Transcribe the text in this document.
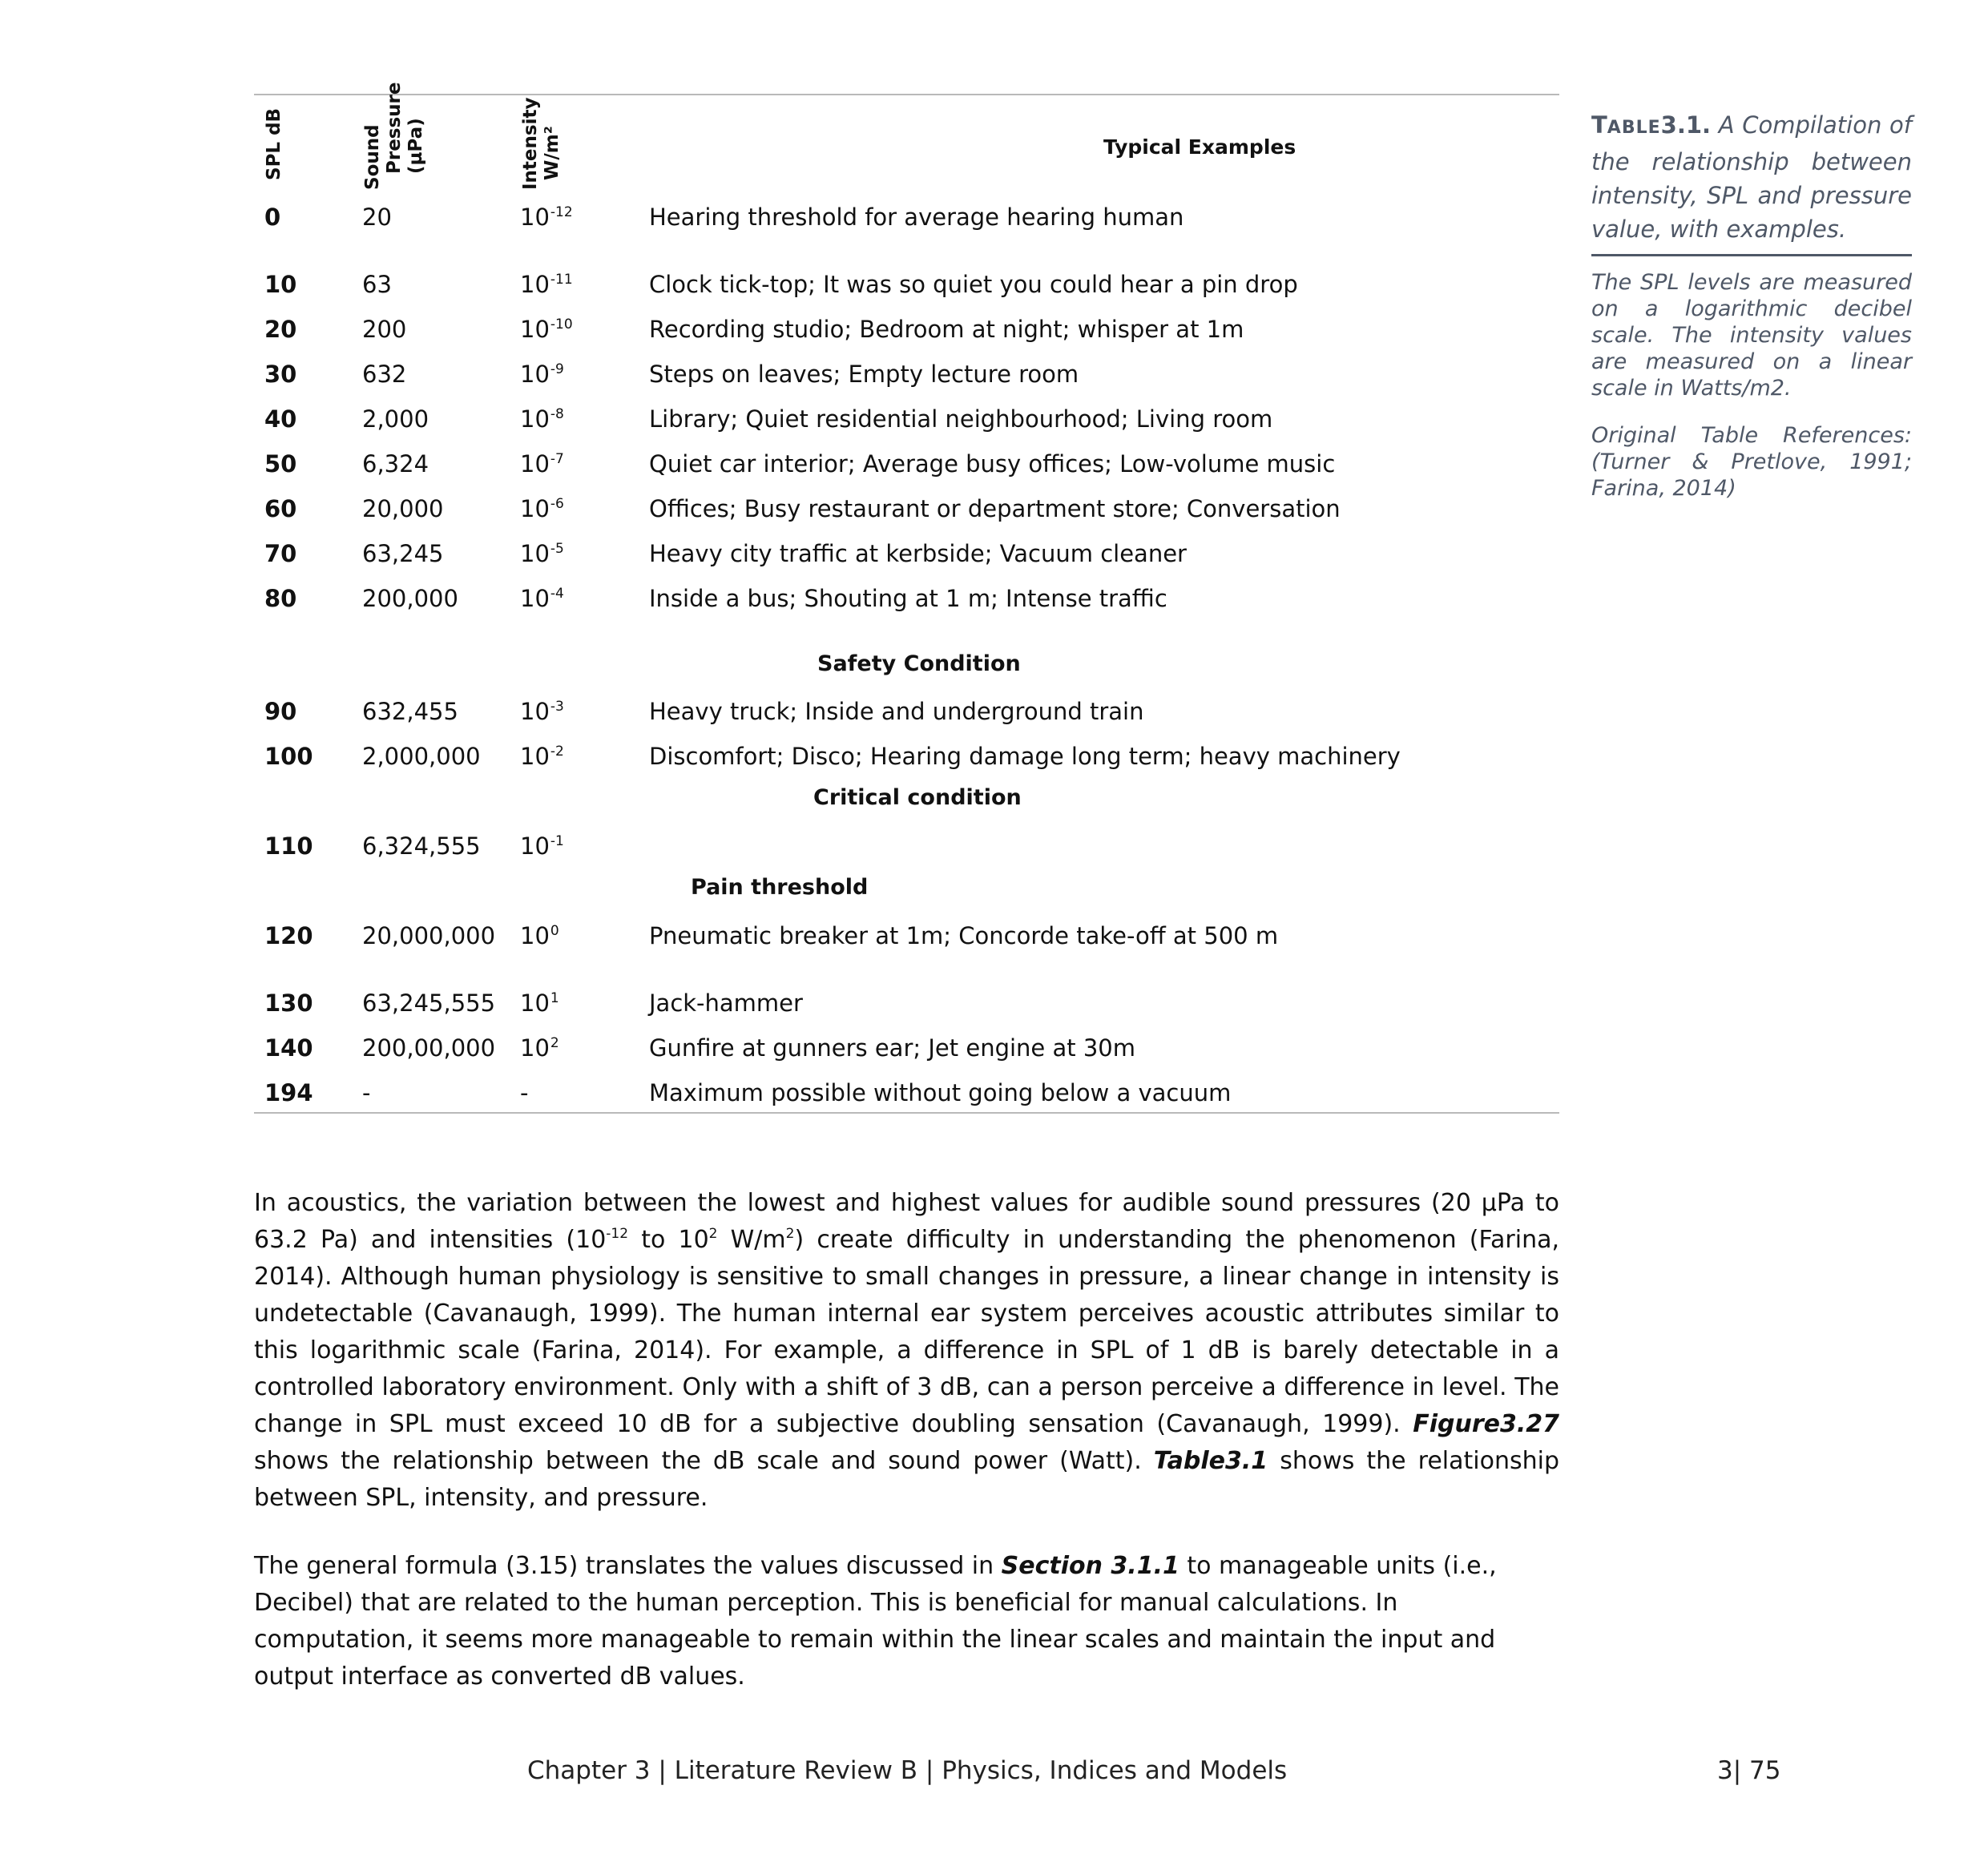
SPL dB	Sound Pressure (µPa)	Intensity W/m²	Typical Examples
0	20	$10^{-12}$	Hearing threshold for average hearing human
10	63	$10^{-11}$	Clock tick-top; It was so quiet you could hear a pin drop
20	200	$10^{-10}$	Recording studio; Bedroom at night; whisper at 1m
30	632	$10^{-9}$	Steps on leaves; Empty lecture room
40	2,000	$10^{-8}$	Library; Quiet residential neighbourhood; Living room
50	6,324	$10^{-7}$	Quiet car interior; Average busy offices; Low-volume music
60	20,000	$10^{-6}$	Offices; Busy restaurant or department store; Conversation
70	63,245	$10^{-5}$	Heavy city traffic at kerbside; Vacuum cleaner
80	200,000	$10^{-4}$	Inside a bus; Shouting at 1 m; Intense traffic
90	632,455	$10^{-3}$	Heavy truck; Inside and underground train
100 2,000,000 $10^{-2}$	Discomfort; Disco; Hearing damage long term; heavy machinery
110 6,324,555 $10^{-1}$
120 20,000,000 $10^0$	Pneumatic breaker at 1m; Concorde take-off at 500 m
130 63,245,555 $10^1$	Jack-hammer
140 200,00,000 $10^2$	Gunfire at gunners ear; Jet engine at 30m
194 -	-	Maximum possible without going below a vacuum
Safety Condition
Critical condition
Pain threshold

TABLE3.1. A Compilation of the relationship between intensity, SPL and pressure value, with examples.

The SPL levels are measured on a logarithmic decibel scale. The intensity values are measured on a linear scale in Watts/m2.

Original Table References: (Turner & Pretlove, 1991; Farina, 2014)

In acoustics, the variation between the lowest and highest values for audible sound pressures (20 µPa to 63.2 Pa) and intensities ($10^{-12}$ to $10^2$ $W/m^2$) create difficulty in understanding the phenomenon (Farina, 2014). Although human physiology is sensitive to small changes in pressure, a linear change in intensity is undetectable (Cavanaugh, 1999). The human internal ear system perceives acoustic attributes similar to this logarithmic scale (Farina, 2014). For example, a difference in SPL of 1 dB is barely detectable in a controlled laboratory environment. Only with a shift of 3 dB, can a person perceive a difference in level. The change in SPL must exceed 10 dB for a subjective doubling sensation (Cavanaugh, 1999). Figure3.27 shows the relationship between the dB scale and sound power (Watt). Table3.1 shows the relationship between SPL, intensity, and pressure.

The general formula (3.15) translates the values discussed in Section 3.1.1 to manageable units (i.e., Decibel) that are related to the human perception. This is beneficial for manual calculations. In computation, it seems more manageable to remain within the linear scales and maintain the input and output interface as converted dB values.

Chapter 3 | Literature Review B | Physics, Indices and Models	3| 75
